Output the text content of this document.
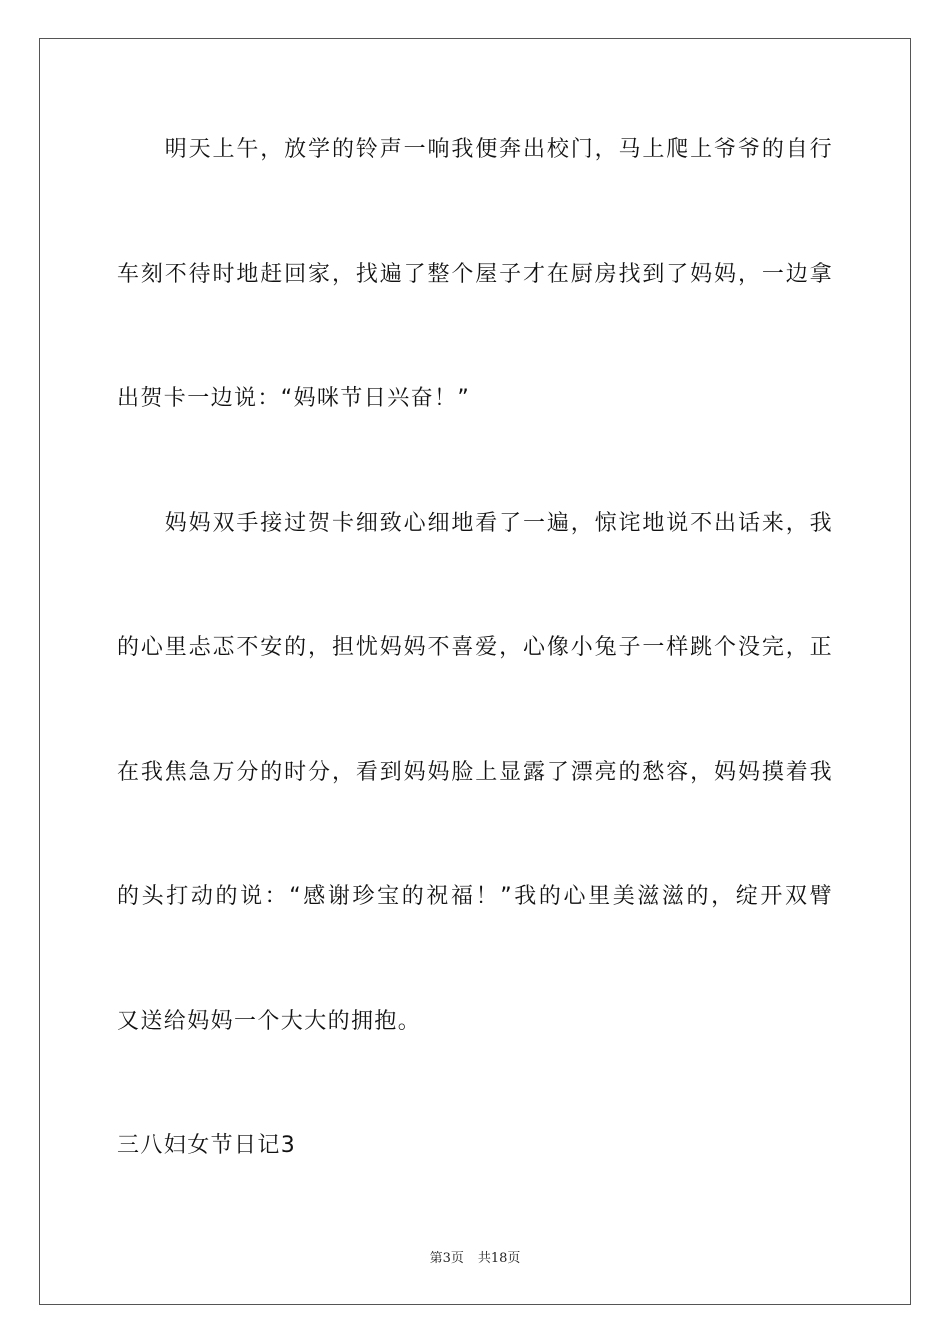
　　明天上午，放学的铃声一响我便奔出校门，马上爬上爷爷的自行
车刻不待时地赶回家，找遍了整个屋子才在厨房找到了妈妈，一边拿
出贺卡一边说：“妈咪节日兴奋！”
　　妈妈双手接过贺卡细致心细地看了一遍，惊诧地说不出话来，我
的心里忐忑不安的，担忧妈妈不喜爱，心像小兔子一样跳个没完，正
在我焦急万分的时分，看到妈妈脸上显露了漂亮的愁容，妈妈摸着我
的头打动的说：“感谢珍宝的祝福！”我的心里美滋滋的，绽开双臂
又送给妈妈一个大大的拥抱。
三八妇女节日记3
第3页 共18页
